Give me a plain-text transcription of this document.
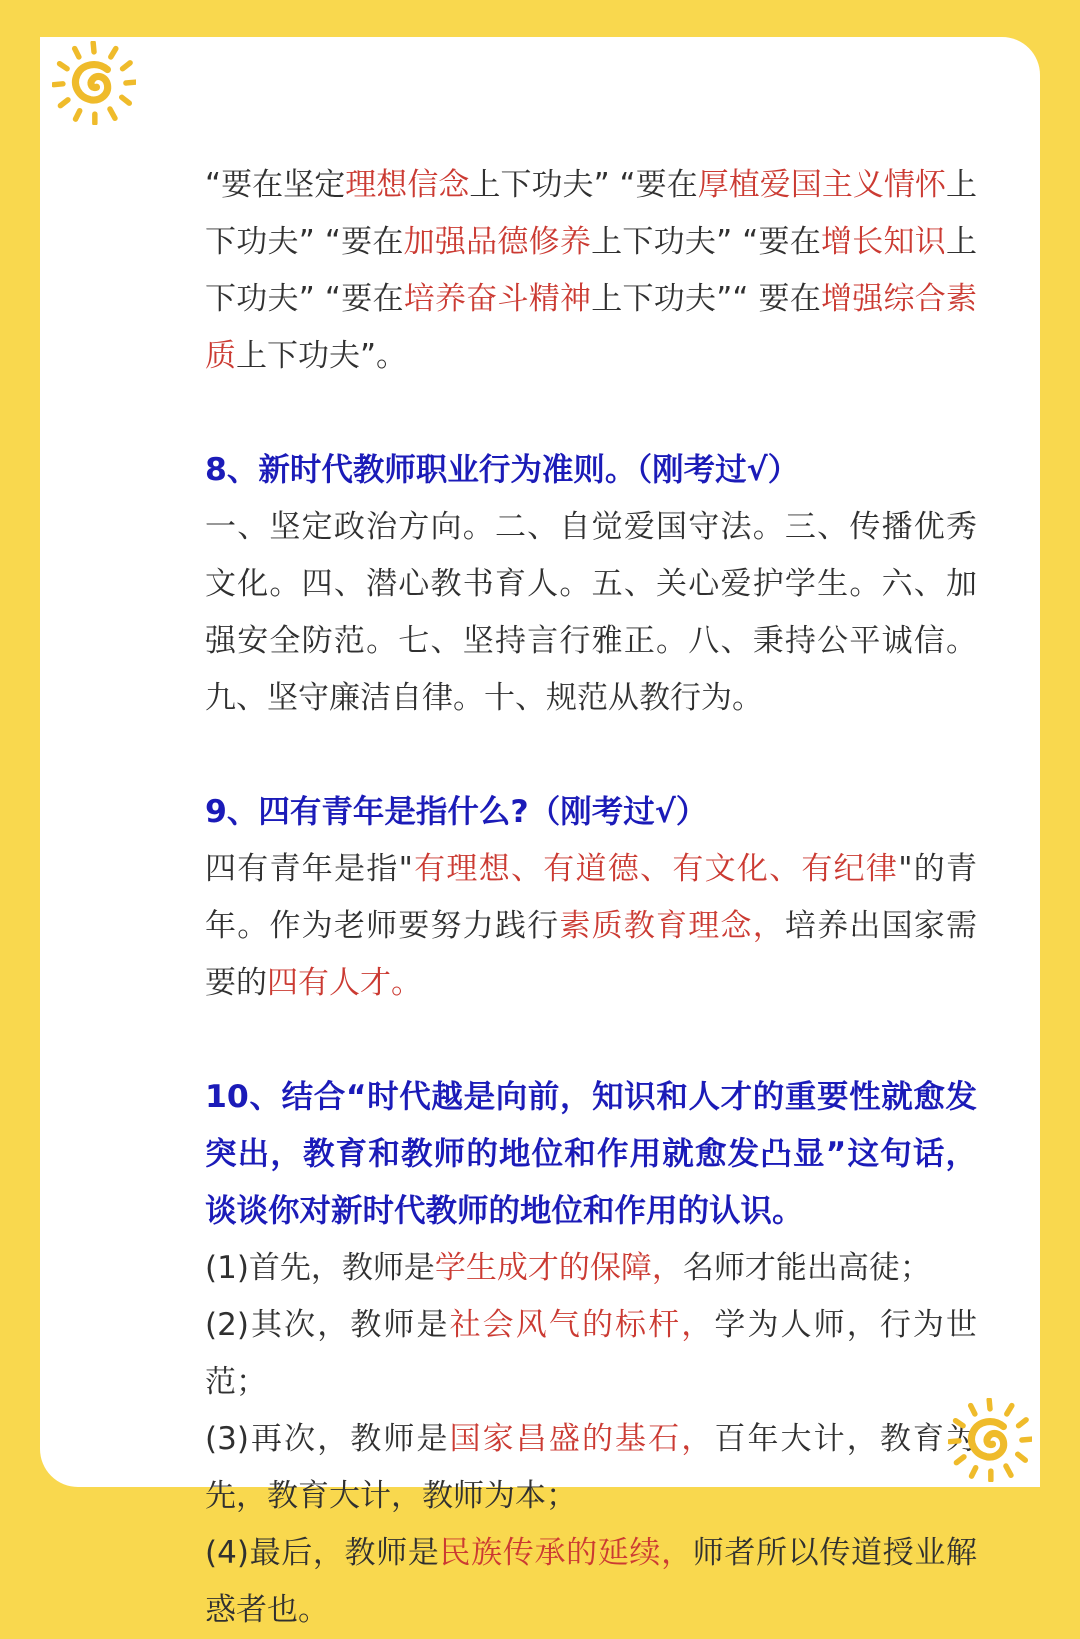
“要在坚定理想信念上下功夫” “要在厚植爱国主义情怀上下功夫” “要在加强品德修养上下功夫” “要在增长知识上下功夫” “要在培养奋斗精神上下功夫”“ 要在增强综合素质上下功夫”。

8、新时代教师职业行为准则。（刚考过√）

一、坚定政治方向。二、自觉爱国守法。三、传播优秀文化。四、潜心教书育人。五、关心爱护学生。六、加强安全防范。七、坚持言行雅正。八、秉持公平诚信。九、坚守廉洁自律。十、规范从教行为。

9、四有青年是指什么?（刚考过√）

四有青年是指"有理想、有道德、有文化、有纪律"的青年。作为老师要努力践行素质教育理念，培养出国家需要的四有人才。

10、结合“时代越是向前，知识和人才的重要性就愈发突出，教育和教师的地位和作用就愈发凸显”这句话，谈谈你对新时代教师的地位和作用的认识。

(1)首先，教师是学生成才的保障，名师才能出高徒；

(2)其次，教师是社会风气的标杆，学为人师，行为世范；

(3)再次，教师是国家昌盛的基石，百年大计，教育为先，教育大计，教师为本；

(4)最后，教师是民族传承的延续，师者所以传道授业解惑者也。
